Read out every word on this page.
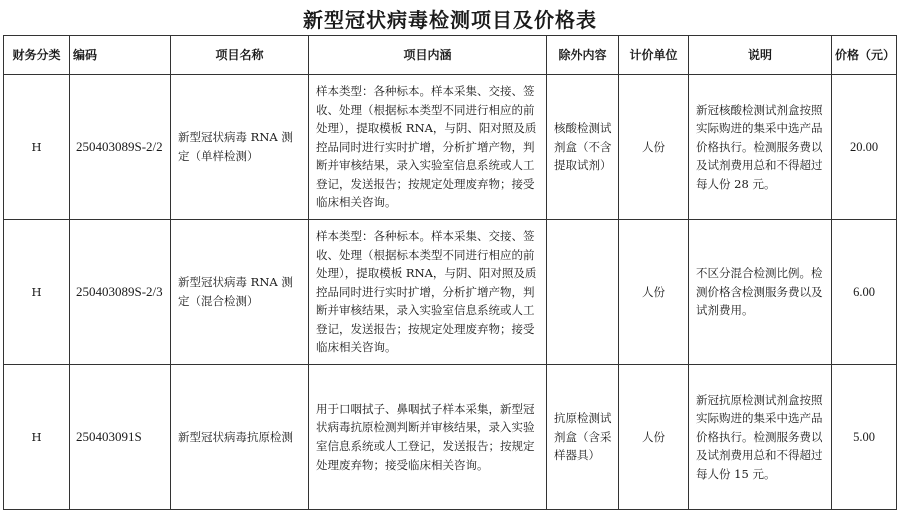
新型冠状病毒检测项目及价格表
财务分类	编码	项目名称	项目内涵	除外内容	计价单位	说明	价格（元）
H	250403089S-2/2	新型冠状病毒 RNA 测定（单样检测）	样本类型：各种标本。样本采集、交接、签收、处理（根据标本类型不同进行相应的前处理），提取模板 RNA，与阴、阳对照及质控品同时进行实时扩增，分析扩增产物，判断并审核结果，录入实验室信息系统或人工登记，发送报告；按规定处理废弃物；接受临床相关咨询。	核酸检测试剂盒（不含提取试剂）	人份	新冠核酸检测试剂盒按照实际购进的集采中选产品价格执行。检测服务费以及试剂费用总和不得超过每人份 28 元。	20.00
H	250403089S-2/3	新型冠状病毒 RNA 测定（混合检测）	样本类型：各种标本。样本采集、交接、签收、处理（根据标本类型不同进行相应的前处理），提取模板 RNA，与阴、阳对照及质控品同时进行实时扩增，分析扩增产物，判断并审核结果，录入实验室信息系统或人工登记，发送报告；按规定处理废弃物；接受临床相关咨询。		人份	不区分混合检测比例。检测价格含检测服务费以及试剂费用。	6.00
H	250403091S	新型冠状病毒抗原检测	用于口咽拭子、鼻咽拭子样本采集，新型冠状病毒抗原检测判断并审核结果，录入实验室信息系统或人工登记，发送报告；按规定处理废弃物；接受临床相关咨询。	抗原检测试剂盒（含采样器具）	人份	新冠抗原检测试剂盒按照实际购进的集采中选产品价格执行。检测服务费以及试剂费用总和不得超过每人份 15 元。	5.00
